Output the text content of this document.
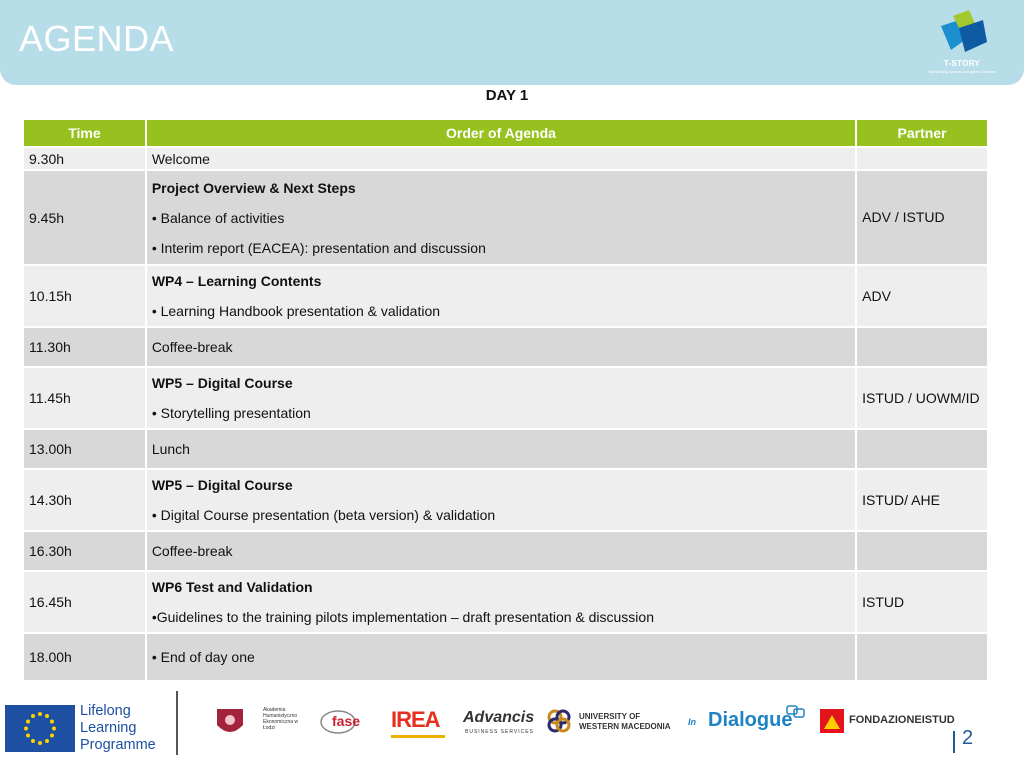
AGENDA
T-STORY
Storytelling Across European Cultures
DAY 1
Time	Order of Agenda	Partner
9.30h	Welcome	

9.45h	Project Overview & Next Steps
• Balance of activities
• Interim report (EACEA): presentation and discussion	ADV / ISTUD
10.15h	WP4 – Learning Contents
• Learning Handbook presentation & validation	ADV
11.30h	Coffee-break	

11.45h	WP5 – Digital Course
• Storytelling presentation	ISTUD / UOWM/ID
13.00h	Lunch	

14.30h	WP5 – Digital Course
• Digital Course presentation (beta version) & validation	ISTUD/ AHE
16.30h	Coffee-break	

16.45h	WP6 Test and Validation
•Guidelines to the training pilots implementation – draft presentation & discussion	ISTUD
18.00h	• End of day one	

Lifelong
Learning
Programme
Akademia Humanistyczno Ekonomiczna w Łodzi	fase IREA Advancis
BUSINESS SERVICES
UNIVERSITY OF WESTERN MACEDONIA	In Dialogue	FONDAZIONEISTUD
2
